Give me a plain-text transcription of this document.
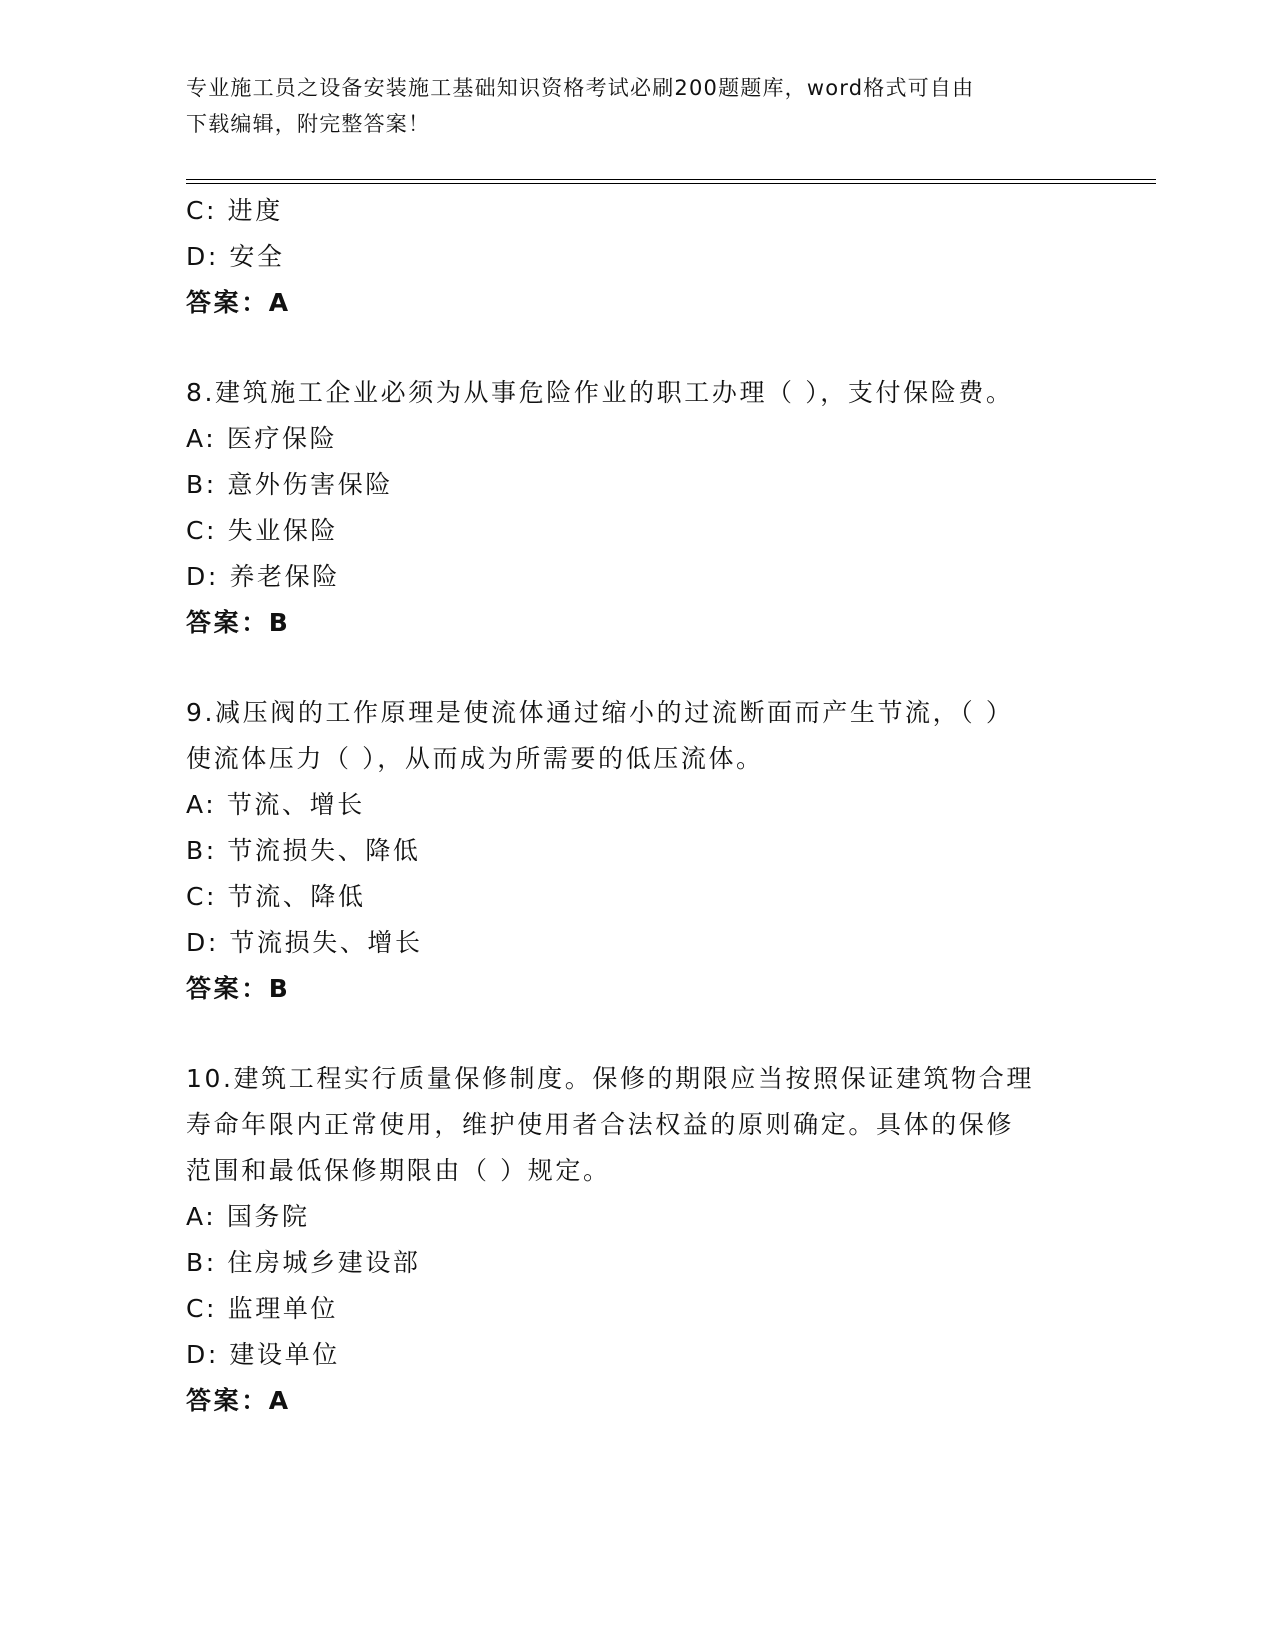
专业施工员之设备安装施工基础知识资格考试必刷200题题库，word格式可自由
下载编辑，附完整答案！
C: 进度
D: 安全
答案：A
8.建筑施工企业必须为从事危险作业的职工办理（ ），支付保险费。
A: 医疗保险
B: 意外伤害保险
C: 失业保险
D: 养老保险
答案：B
9.减压阀的工作原理是使流体通过缩小的过流断面而产生节流，（ ）
使流体压力（ ），从而成为所需要的低压流体。
A: 节流、增长
B: 节流损失、降低
C: 节流、降低
D: 节流损失、增长
答案：B
10.建筑工程实行质量保修制度。保修的期限应当按照保证建筑物合理
寿命年限内正常使用，维护使用者合法权益的原则确定。具体的保修
范围和最低保修期限由（ ）规定。
A: 国务院
B: 住房城乡建设部
C: 监理单位
D: 建设单位
答案：A
